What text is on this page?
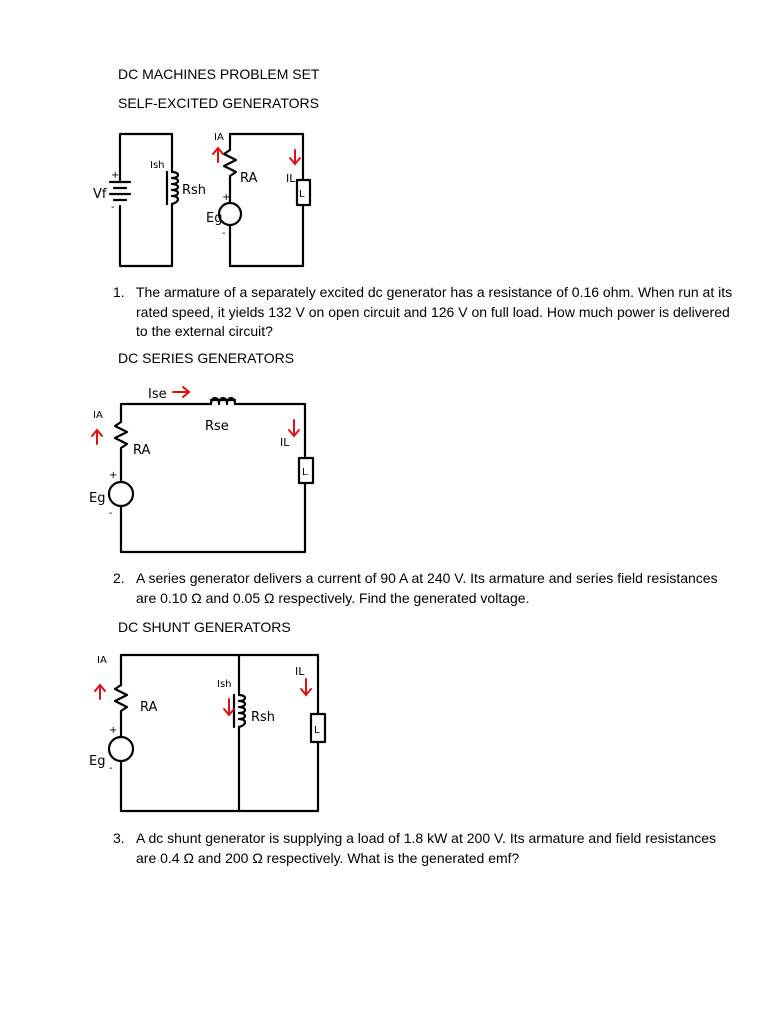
DC MACHINES PROBLEM SET
SELF-EXCITED GENERATORS
Vf
+
-
Ish
Rsh
IA
RA
Eg
+
-
IL
L
1. The armature of a separately excited dc generator has a resistance of 0.16 ohm. When run at its rated speed, it yields 132 V on open circuit and 126 V on full load. How much power is delivered to the external circuit?
DC SERIES GENERATORS
Ise
Rse
IA
RA
+
Eg
-
IL
L
2. A series generator delivers a current of 90 A at 240 V. Its armature and series field resistances are 0.10 Ω and 0.05 Ω respectively. Find the generated voltage.
DC SHUNT GENERATORS
IA
RA
+
Eg -
Ish
Rsh
IL
L
3. A dc shunt generator is supplying a load of 1.8 kW at 200 V. Its armature and field resistances are 0.4 Ω and 200 Ω respectively. What is the generated emf?
